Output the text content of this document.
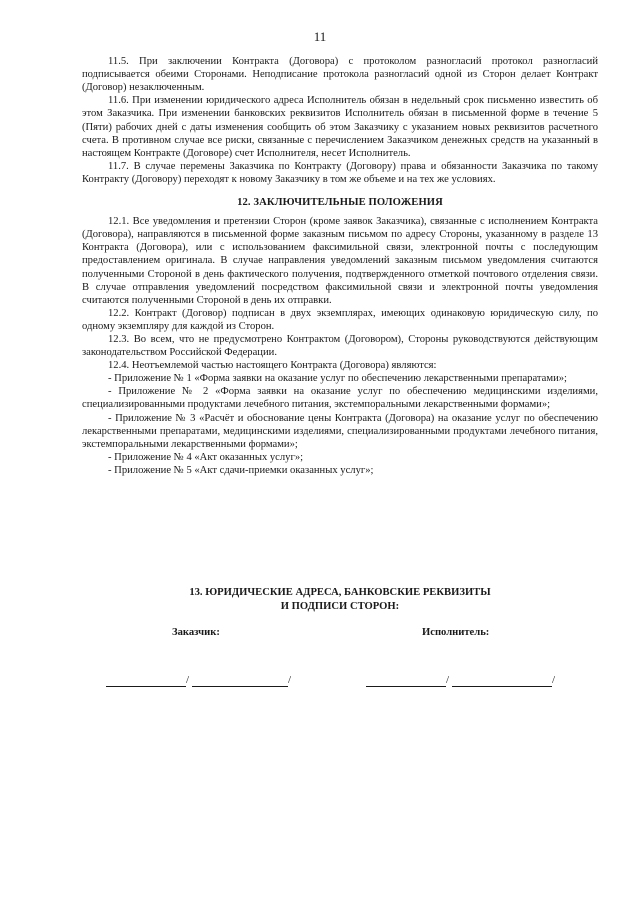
11

11.5. При заключении Контракта (Договора) с протоколом разногласий протокол разногласий подписывается обеими Сторонами. Неподписание протокола разногласий одной из Сторон делает Контракт (Договор) незаключенным.

11.6. При изменении юридического адреса Исполнитель обязан в недельный срок письменно известить об этом Заказчика. При изменении банковских реквизитов Исполнитель обязан в письменной форме в течение 5 (Пяти) рабочих дней с даты изменения сообщить об этом Заказчику с указанием новых реквизитов расчетного счета. В противном случае все риски, связанные с перечислением Заказчиком денежных средств на указанный в настоящем Контракте (Договоре) счет Исполнителя, несет Исполнитель.

11.7. В случае перемены Заказчика по Контракту (Договору) права и обязанности Заказчика по такому Контракту (Договору) переходят к новому Заказчику в том же объеме и на тех же условиях.

12. ЗАКЛЮЧИТЕЛЬНЫЕ ПОЛОЖЕНИЯ

12.1. Все уведомления и претензии Сторон (кроме заявок Заказчика), связанные с исполнением Контракта (Договора), направляются в письменной форме заказным письмом по адресу Стороны, указанному в разделе 13 Контракта (Договора), или с использованием факсимильной связи, электронной почты с последующим предоставлением оригинала. В случае направления уведомлений заказным письмом уведомления считаются полученными Стороной в день фактического получения, подтвержденного отметкой почтового отделения связи. В случае отправления уведомлений посредством факсимильной связи и электронной почты уведомления считаются полученными Стороной в день их отправки.

12.2. Контракт (Договор) подписан в двух экземплярах, имеющих одинаковую юридическую силу, по одному экземпляру для каждой из Сторон.

12.3. Во всем, что не предусмотрено Контрактом (Договором), Стороны руководствуются действующим законодательством Российской Федерации.

12.4. Неотъемлемой частью настоящего Контракта (Договора) являются:

- Приложение № 1 «Форма заявки на оказание услуг по обеспечению лекарственными препаратами»;

- Приложение № 2 «Форма заявки на оказание услуг по обеспечению медицинскими изделиями, специализированными продуктами лечебного питания, экстемпоральными лекарственными формами»;

- Приложение № 3 «Расчёт и обоснование цены Контракта (Договора) на оказание услуг по обеспечению лекарственными препаратами, медицинскими изделиями, специализированными продуктами лечебного питания, экстемпоральными лекарственными формами»;

- Приложение № 4 «Акт оказанных услуг»;

- Приложение № 5 «Акт сдачи-приемки оказанных услуг»;

13. ЮРИДИЧЕСКИЕ АДРЕСА, БАНКОВСКИЕ РЕКВИЗИТЫ
И ПОДПИСИ СТОРОН:
Заказчик:	Исполнитель:
/	/	/	/
